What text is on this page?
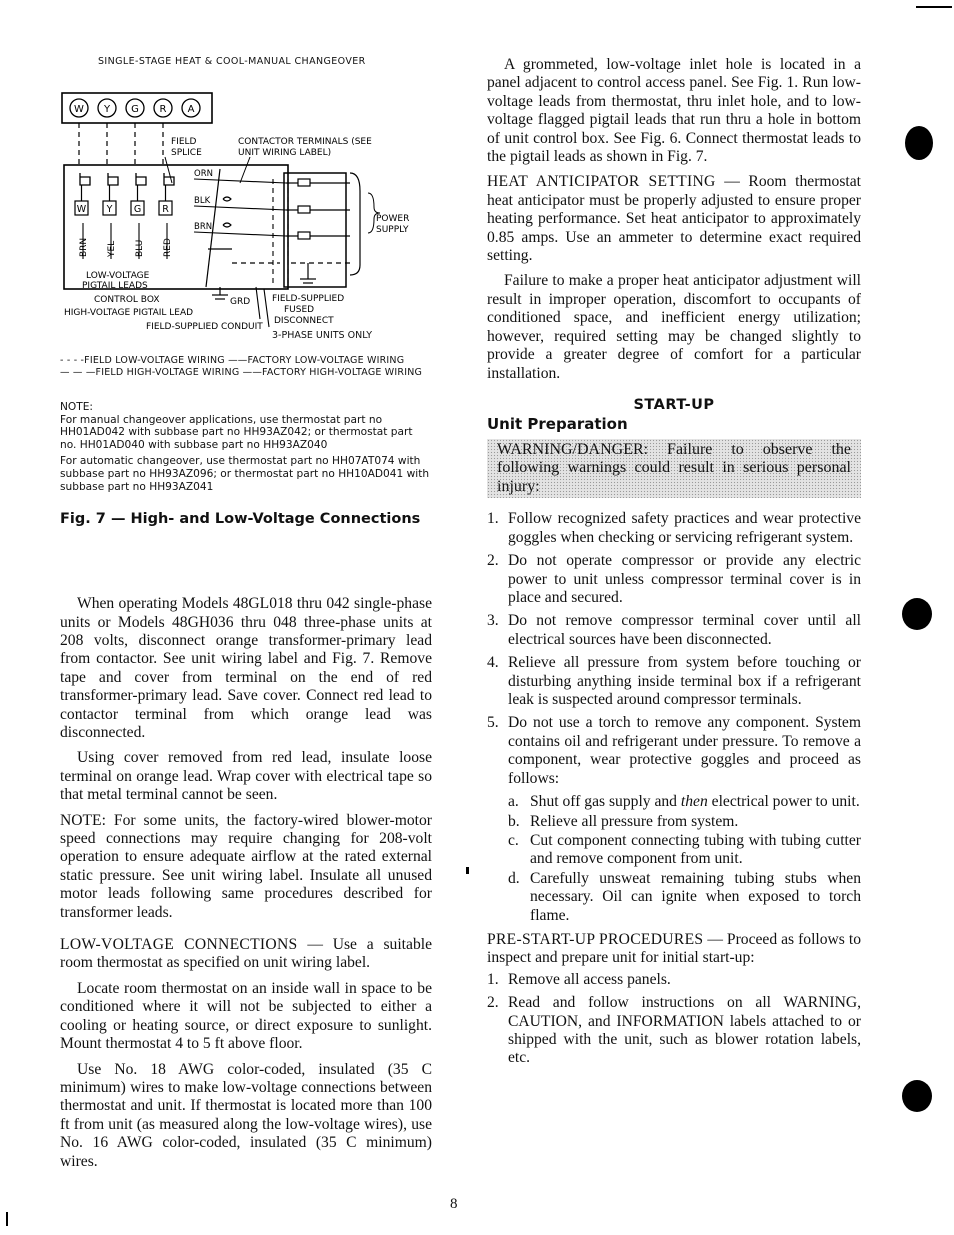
SINGLE-STAGE HEAT & COOL-MANUAL CHANGEOVER
W Y G R A
FIELD
SPLICE
CONTACTOR TERMINALS (SEE
UNIT WIRING LABEL)
W Y G R
BRN YEL BLU RED
LOW-VOLTAGE
PIGTAIL LEADS
ORN
BLK
BRN
POWER
SUPPLY
CONTROL BOX	GRD
HIGH-VOLTAGE PIGTAIL LEAD
FIELD-SUPPLIED
FUSED
DISCONNECT
FIELD-SUPPLIED CONDUIT
3-PHASE UNITS ONLY
- - - -FIELD LOW-VOLTAGE WIRING ——FACTORY LOW-VOLTAGE WIRING
— — —FIELD HIGH-VOLTAGE WIRING ——FACTORY HIGH-VOLTAGE WIRING

NOTE:

For manual changeover applications, use thermostat part no HH01AD042 with subbase part no HH93AZ042; or thermostat part no. HH01AD040 with subbase part no HH93AZ040

For automatic changeover, use thermostat part no HH07AT074 with subbase part no HH93AZ096; or thermostat part no HH10AD041 with subbase part no HH93AZ041

Fig. 7 — High- and Low-Voltage Connections

When operating Models 48GL018 thru 042 single-phase units or Models 48GH036 thru 048 three-phase units at 208 volts, disconnect orange transformer-primary lead from contactor. See unit wiring label and Fig. 7. Remove tape and cover from terminal on the end of red transformer-primary lead. Save cover. Connect red lead to contactor terminal from which orange lead was disconnected.

Using cover removed from red lead, insulate loose terminal on orange lead. Wrap cover with electrical tape so that metal terminal cannot be seen.

NOTE: For some units, the factory-wired blower-motor speed connections may require changing for 208-volt operation to ensure adequate airflow at the rated external static pressure. See unit wiring label. Insulate all unused motor leads following same procedures described for transformer leads.

LOW-VOLTAGE CONNECTIONS — Use a suitable room thermostat as specified on unit wiring label.

Locate room thermostat on an inside wall in space to be conditioned where it will not be subjected to either a cooling or heating source, or direct exposure to sunlight. Mount thermostat 4 to 5 ft above floor.

Use No. 18 AWG color-coded, insulated (35 C minimum) wires to make low-voltage connections between thermostat and unit. If thermostat is located more than 100 ft from unit (as measured along the low-voltage wires), use No. 16 AWG color-coded, insulated (35 C minimum) wires.

A grommeted, low-voltage inlet hole is located in a panel adjacent to control access panel. See Fig. 1. Run low-voltage leads from thermostat, thru inlet hole, and to low-voltage flagged pigtail leads that run thru a hole in bottom of unit control box. See Fig. 6. Connect thermostat leads to the pigtail leads as shown in Fig. 7.

HEAT ANTICIPATOR SETTING — Room thermostat heat anticipator must be properly adjusted to ensure proper heating performance. Set heat anticipator to approximately 0.85 amps. Use an ammeter to determine exact required setting.

Failure to make a proper heat anticipator adjustment will result in improper operation, discomfort to occupants of conditioned space, and inefficient energy utilization; however, required setting may be changed slightly to provide a greater degree of comfort for a particular installation.

START-UP
Unit Preparation
WARNING/DANGER: Failure to observe the following warnings could result in serious personal injury:
1. Follow recognized safety practices and wear protective goggles when checking or servicing refrigerant system.
2. Do not operate compressor or provide any electric power to unit unless compressor terminal cover is in place and secured.
3. Do not remove compressor terminal cover until all electrical sources have been disconnected.
4. Relieve all pressure from system before touching or disturbing anything inside terminal box if a refrigerant leak is suspected around compressor terminals.
5. Do not use a torch to remove any component. System contains oil and refrigerant under pressure. To remove a component, wear protective goggles and proceed as follows:
a. Shut off gas supply and then electrical power to unit.
b. Relieve all pressure from system.
c. Cut component connecting tubing with tubing cutter and remove component from unit.
d. Carefully unsweat remaining tubing stubs when necessary. Oil can ignite when exposed to torch flame.

PRE-START-UP PROCEDURES — Proceed as follows to inspect and prepare unit for initial start-up:

1. Remove all access panels.
2. Read and follow instructions on all WARNING, CAUTION, and INFORMATION labels attached to or shipped with the unit, such as blower rotation labels, etc.
8
